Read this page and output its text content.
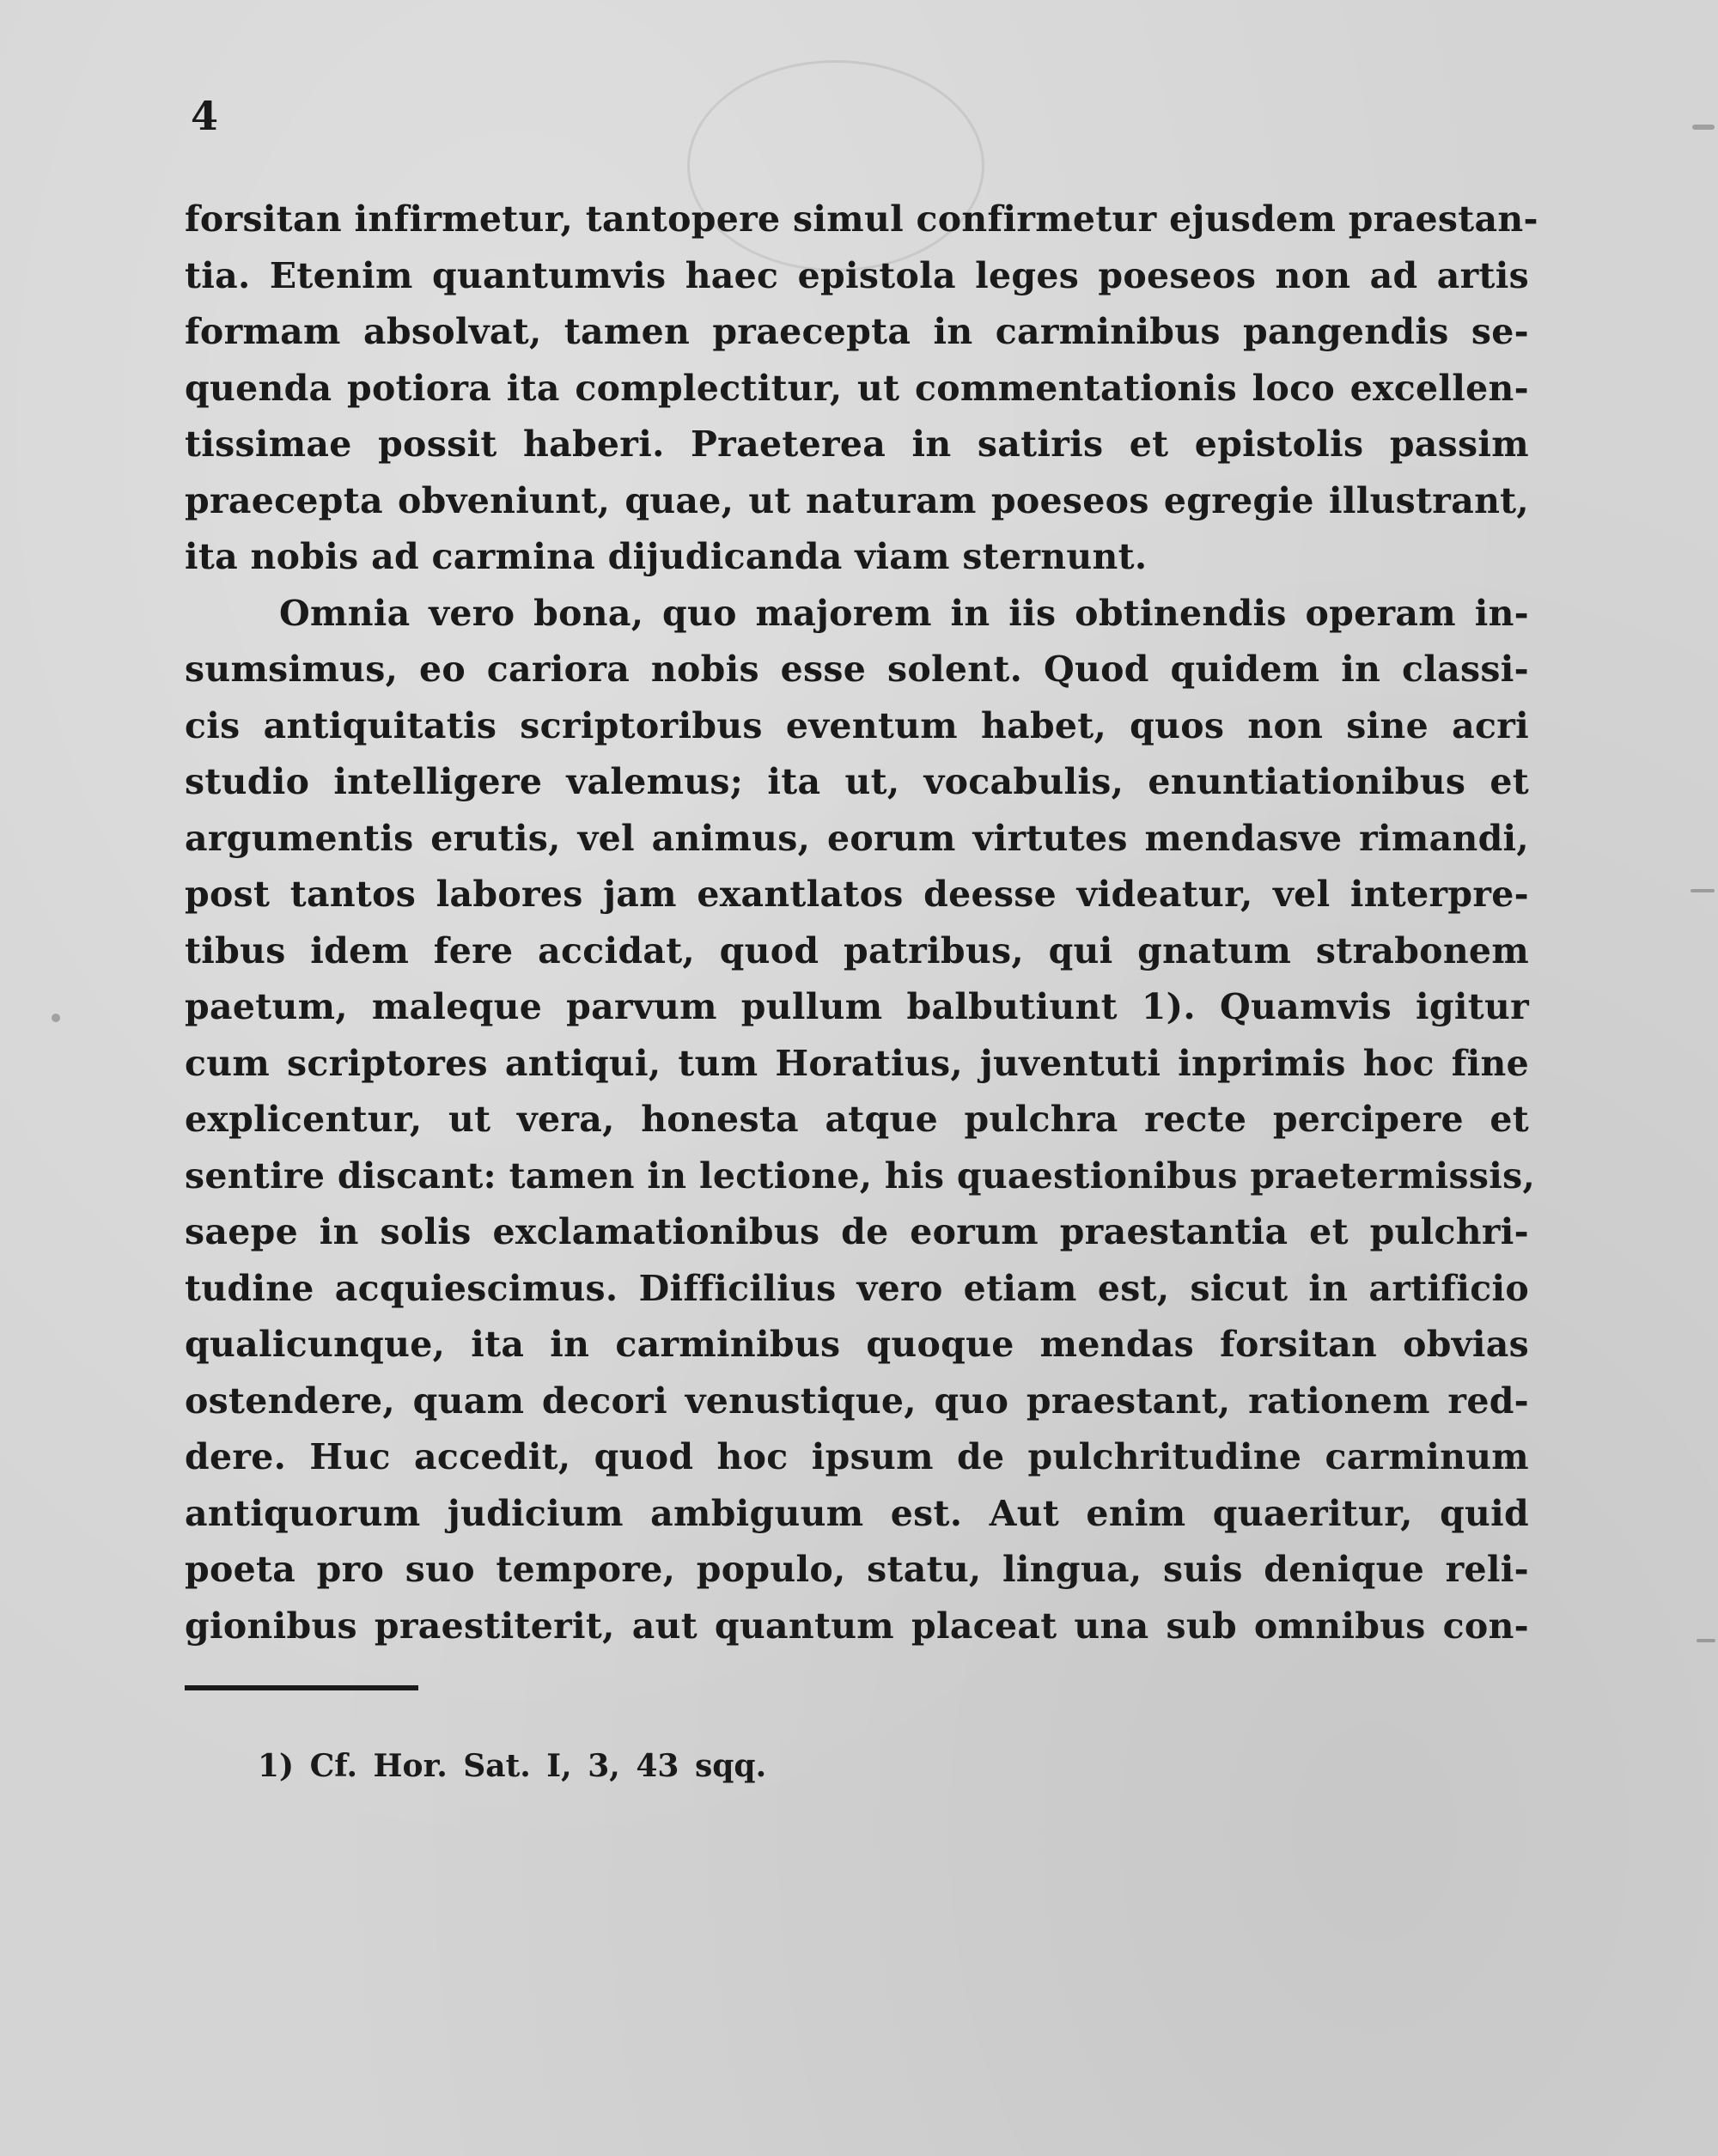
4
forsitan infirmetur, tantopere simul confirmetur ejusdem praestan-
tia. Etenim quantumvis haec epistola leges poeseos non ad artis
formam absolvat, tamen praecepta in carminibus pangendis se-
quenda potiora ita complectitur, ut commentationis loco excellen-
tissimae possit haberi. Praeterea in satiris et epistolis passim
praecepta obveniunt, quae, ut naturam poeseos egregie illustrant,
ita nobis ad carmina dijudicanda viam sternunt.
Omnia vero bona, quo majorem in iis obtinendis operam in-
sumsimus, eo cariora nobis esse solent. Quod quidem in classi-
cis antiquitatis scriptoribus eventum habet, quos non sine acri
studio intelligere valemus; ita ut, vocabulis, enuntiationibus et
argumentis erutis, vel animus, eorum virtutes mendasve rimandi,
post tantos labores jam exantlatos deesse videatur, vel interpre-
tibus idem fere accidat, quod patribus, qui gnatum strabonem
paetum, maleque parvum pullum balbutiunt 1). Quamvis igitur
cum scriptores antiqui, tum Horatius, juventuti inprimis hoc fine
explicentur, ut vera, honesta atque pulchra recte percipere et
sentire discant: tamen in lectione, his quaestionibus praetermissis,
saepe in solis exclamationibus de eorum praestantia et pulchri-
tudine acquiescimus. Difficilius vero etiam est, sicut in artificio
qualicunque, ita in carminibus quoque mendas forsitan obvias
ostendere, quam decori venustique, quo praestant, rationem red-
dere. Huc accedit, quod hoc ipsum de pulchritudine carminum
antiquorum judicium ambiguum est. Aut enim quaeritur, quid
poeta pro suo tempore, populo, statu, lingua, suis denique reli-
gionibus praestiterit, aut quantum placeat una sub omnibus con-
1) Cf. Hor. Sat. I, 3, 43 sqq.
